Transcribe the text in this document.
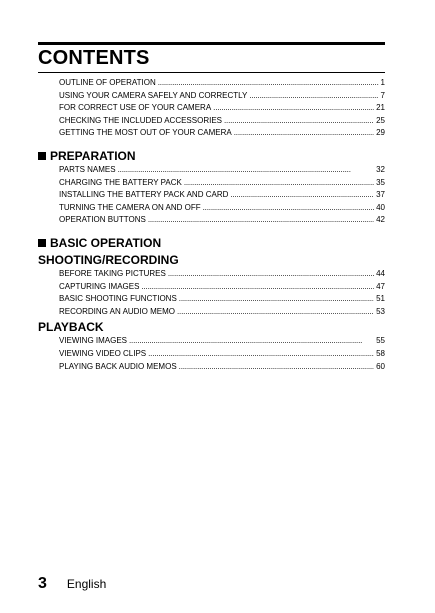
CONTENTS
OUTLINE OF OPERATION . . .	1
USING YOUR CAMERA SAFELY AND CORRECTLY . . .	7
FOR CORRECT USE OF YOUR CAMERA . . .	21
CHECKING THE INCLUDED ACCESSORIES . . .	25
GETTING THE MOST OUT OF YOUR CAMERA . . .	29
PREPARATION
PARTS NAMES . . .	32
CHARGING THE BATTERY PACK . . .	35
INSTALLING THE BATTERY PACK AND CARD . . .	37
TURNING THE CAMERA ON AND OFF . . .	40
OPERATION BUTTONS . . .	42
BASIC OPERATION
SHOOTING/RECORDING
BEFORE TAKING PICTURES . . .	44
CAPTURING IMAGES . . .	47
BASIC SHOOTING FUNCTIONS . . .	51
RECORDING AN AUDIO MEMO . . .	53
PLAYBACK
VIEWING IMAGES . . .	55
VIEWING VIDEO CLIPS . . .	58
PLAYING BACK AUDIO MEMOS . . .	60
3 English
